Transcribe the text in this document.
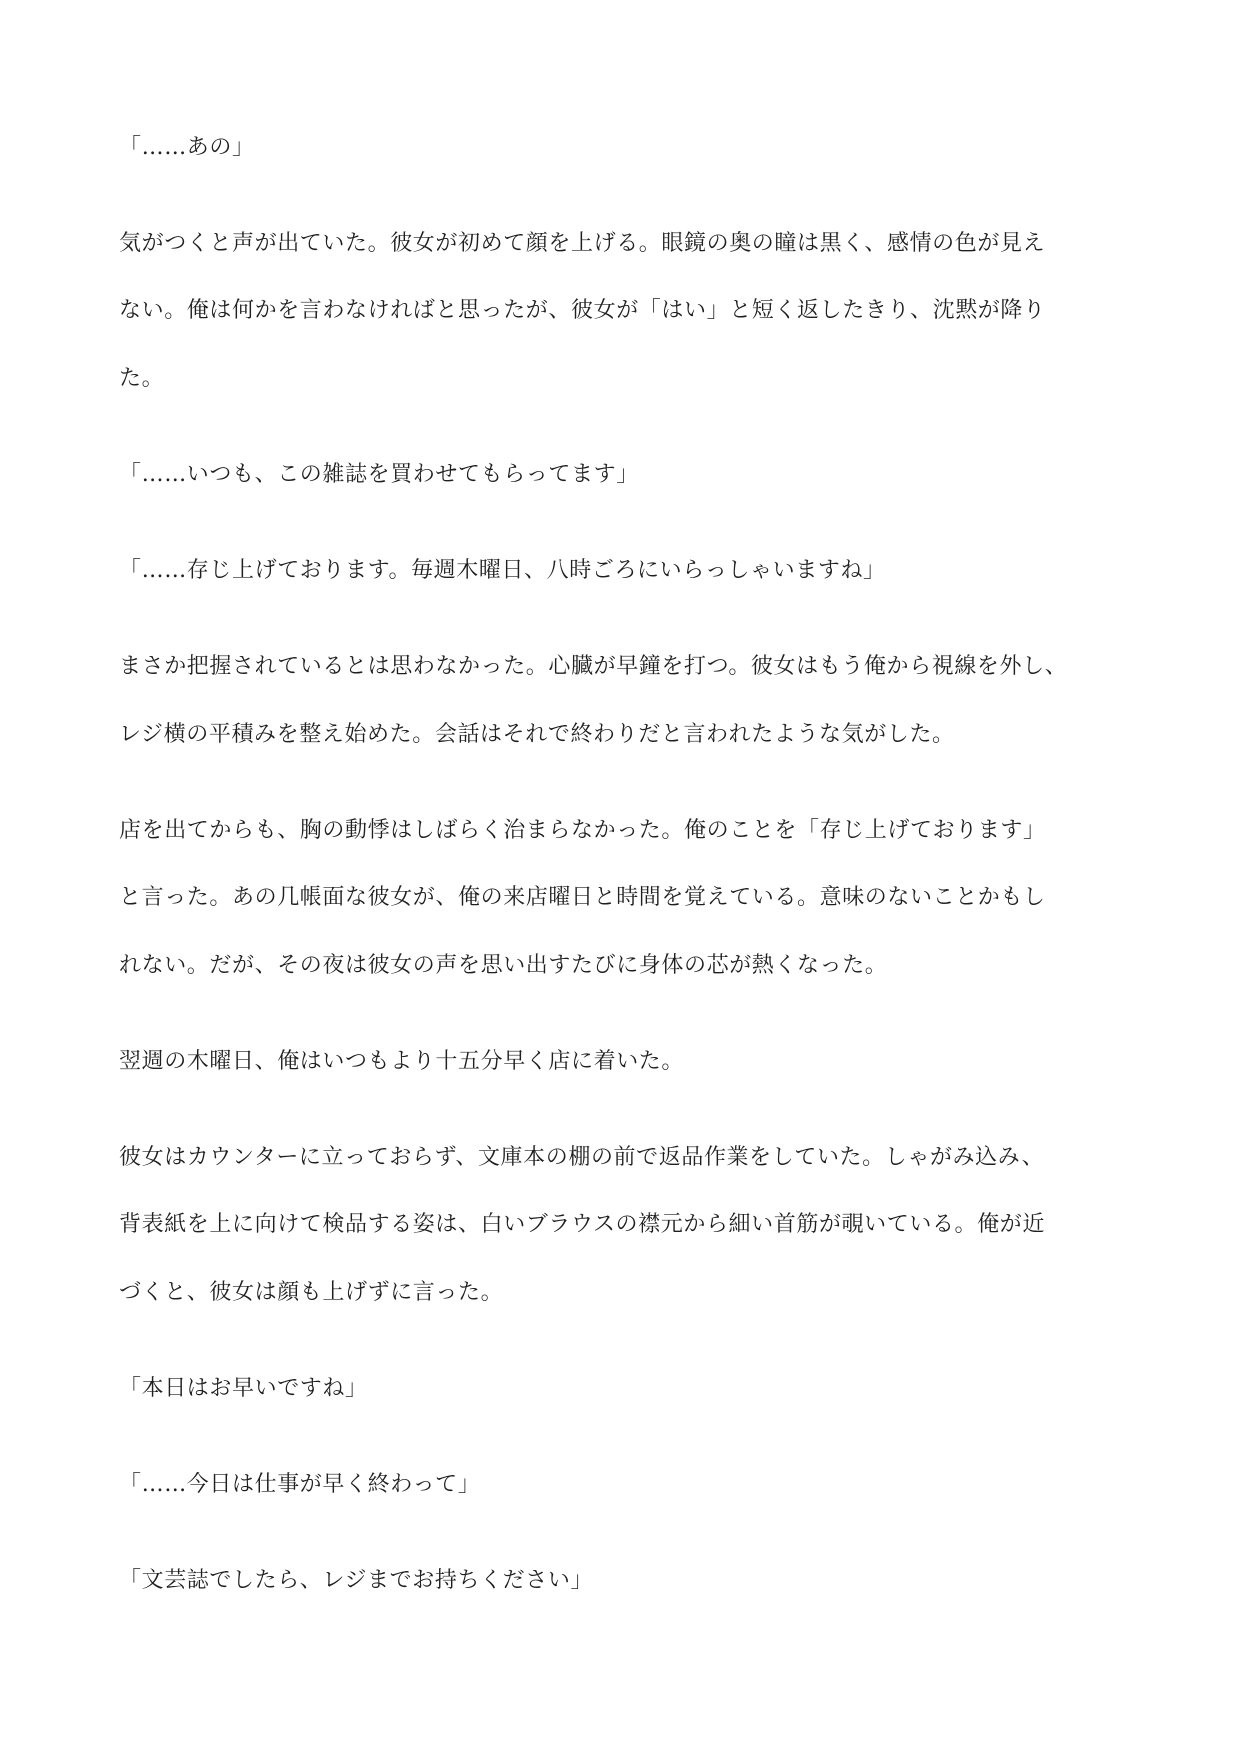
「……あの」

気がつくと声が出ていた。彼女が初めて顔を上げる。眼鏡の奥の瞳は黒く、感情の色が見え

ない。俺は何かを言わなければと思ったが、彼女が「はい」と短く返したきり、沈黙が降り

た。

「……いつも、この雑誌を買わせてもらってます」

「……存じ上げております。毎週木曜日、八時ごろにいらっしゃいますね」

まさか把握されているとは思わなかった。心臓が早鐘を打つ。彼女はもう俺から視線を外し、

レジ横の平積みを整え始めた。会話はそれで終わりだと言われたような気がした。

店を出てからも、胸の動悸はしばらく治まらなかった。俺のことを「存じ上げております」

と言った。あの几帳面な彼女が、俺の来店曜日と時間を覚えている。意味のないことかもし

れない。だが、その夜は彼女の声を思い出すたびに身体の芯が熱くなった。

翌週の木曜日、俺はいつもより十五分早く店に着いた。

彼女はカウンターに立っておらず、文庫本の棚の前で返品作業をしていた。しゃがみ込み、

背表紙を上に向けて検品する姿は、白いブラウスの襟元から細い首筋が覗いている。俺が近

づくと、彼女は顔も上げずに言った。

「本日はお早いですね」

「……今日は仕事が早く終わって」

「文芸誌でしたら、レジまでお持ちください」
